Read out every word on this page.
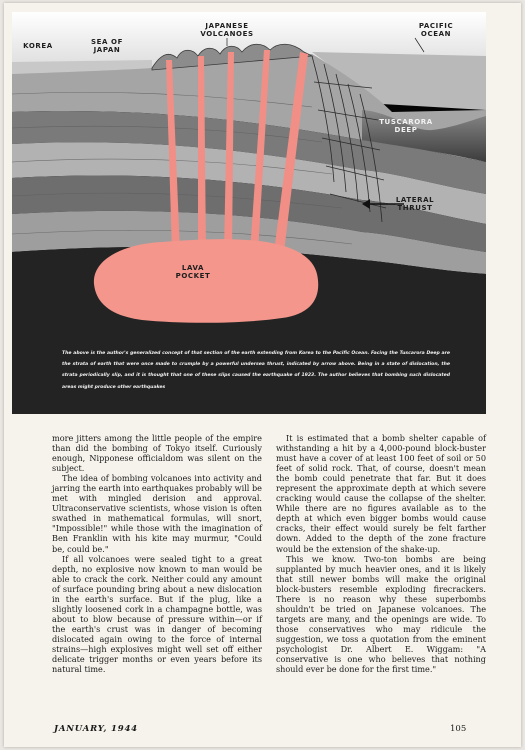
KOREA	SEA OF
JAPAN
JAPANESE
VOLCANOES
PACIFIC
OCEAN
TUSCARORA
DEEP
LATERAL
THRUST
LAVA
POCKET
The above is the author's generalized concept of that section of the earth extending from Korea to the Pacific Ocean. Facing the Tuscarora Deep are the strata of earth that were once made to crumple by a powerful undersea thrust, indicated by arrow above. Being in a state of dislocation, the strata periodically slip, and it is thought that one of these slips caused the earthquake of 1923. The author believes that bombing such dislocated areas might produce other earthquakes

more jitters among the little people of the empire than did the bombing of Tokyo itself. Curiously enough, Nipponese officialdom was silent on the subject.

The idea of bombing volcanoes into activity and jarring the earth into earthquakes probably will be met with mingled derision and approval. Ultraconservative scientists, whose vision is often swathed in mathematical formulas, will snort, "Impossible!" while those with the imagination of Ben Franklin with his kite may murmur, "Could be, could be."

If all volcanoes were sealed tight to a great depth, no explosive now known to man would be able to crack the cork. Neither could any amount of surface pounding bring about a new dislocation in the earth's surface. But if the plug, like a slightly loosened cork in a champagne bottle, was about to blow because of pressure within—or if the earth's crust was in danger of becoming dislocated again owing to the force of internal strains—high explosives might well set off either delicate trigger months or even years before its natural time.

It is estimated that a bomb shelter capable of withstanding a hit by a 4,000-pound block-buster must have a cover of at least 100 feet of soil or 50 feet of solid rock. That, of course, doesn't mean the bomb could penetrate that far. But it does represent the approximate depth at which severe cracking would cause the collapse of the shelter. While there are no figures available as to the depth at which even bigger bombs would cause cracks, their effect would surely be felt farther down. Added to the depth of the zone fracture would be the extension of the shake-up.

This we know. Two-ton bombs are being supplanted by much heavier ones, and it is likely that still newer bombs will make the original block-busters resemble exploding firecrackers. There is no reason why these superbombs shouldn't be tried on Japanese volcanoes. The targets are many, and the openings are wide. To those conservatives who may ridicule the suggestion, we toss a quotation from the eminent psychologist Dr. Albert E. Wiggam: "A conservative is one who believes that nothing should ever be done for the first time."

JANUARY, 1944	105
